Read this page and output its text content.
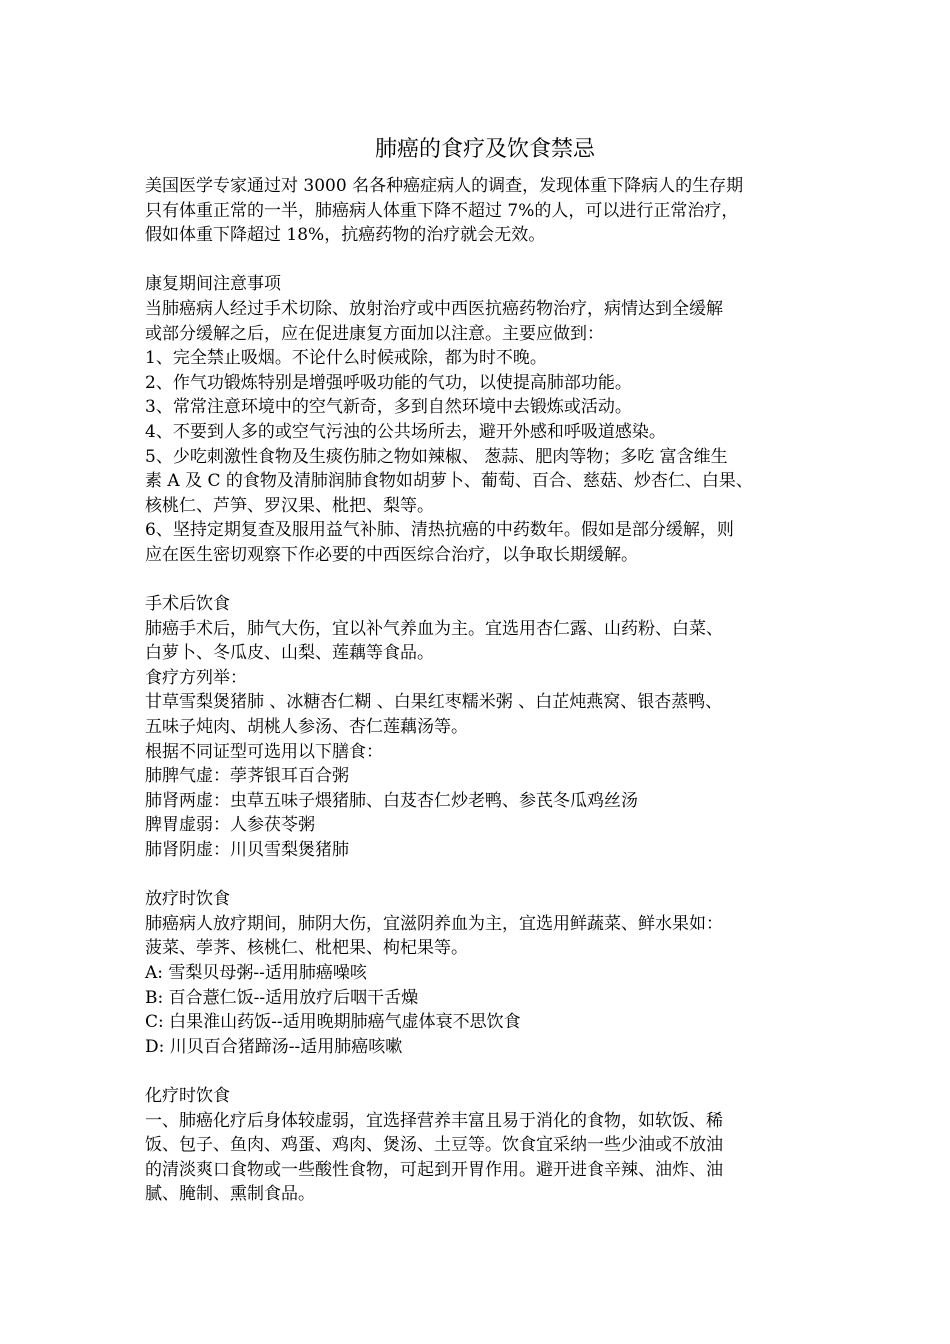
肺癌的食疗及饮食禁忌
美国医学专家通过对 3000 名各种癌症病人的调查，发现体重下降病人的生存期
只有体重正常的一半，肺癌病人体重下降不超过 7%的人，可以进行正常治疗，
假如体重下降超过 18%，抗癌药物的治疗就会无效。
康复期间注意事项
当肺癌病人经过手术切除、放射治疗或中西医抗癌药物治疗，病情达到全缓解
或部分缓解之后，应在促进康复方面加以注意。主要应做到：
1、完全禁止吸烟。不论什么时候戒除，都为时不晚。
2、作气功锻炼特别是增强呼吸功能的气功，以使提高肺部功能。
3、常常注意环境中的空气新奇，多到自然环境中去锻炼或活动。
4、不要到人多的或空气污浊的公共场所去，避开外感和呼吸道感染。
5、少吃刺激性食物及生痰伤肺之物如辣椒、 葱蒜、肥肉等物；多吃 富含维生
素 A 及 C 的食物及清肺润肺食物如胡萝卜、葡萄、百合、慈菇、炒杏仁、白果、
核桃仁、芦笋、罗汉果、枇把、梨等。
6、坚持定期复查及服用益气补肺、清热抗癌的中药数年。假如是部分缓解，则
应在医生密切观察下作必要的中西医综合治疗，以争取长期缓解。
手术后饮食
肺癌手术后，肺气大伤，宜以补气养血为主。宜选用杏仁露、山药粉、白菜、
白萝卜、冬瓜皮、山梨、莲藕等食品。
食疗方列举：
甘草雪梨煲猪肺 、冰糖杏仁糊 、白果红枣糯米粥 、白芷炖燕窝、银杏蒸鸭、
五味子炖肉、胡桃人参汤、杏仁莲藕汤等。
根据不同证型可选用以下膳食：
肺脾气虚：荸荠银耳百合粥
肺肾两虚：虫草五味子煨猪肺、白芨杏仁炒老鸭、参芪冬瓜鸡丝汤
脾胃虚弱：人参茯苓粥
肺肾阴虚：川贝雪梨煲猪肺
放疗时饮食
肺癌病人放疗期间，肺阴大伤，宜滋阴养血为主，宜选用鲜蔬菜、鲜水果如：
菠菜、荸荠、核桃仁、枇杷果、枸杞果等。
A: 雪梨贝母粥--适用肺癌噪咳
B: 百合薏仁饭--适用放疗后咽干舌燥
C: 白果淮山药饭--适用晚期肺癌气虚体衰不思饮食
D: 川贝百合猪蹄汤--适用肺癌咳嗽
化疗时饮食
一、肺癌化疗后身体较虚弱，宜选择营养丰富且易于消化的食物，如软饭、稀
饭、包子、鱼肉、鸡蛋、鸡肉、煲汤、土豆等。饮食宜采纳一些少油或不放油
的清淡爽口食物或一些酸性食物，可起到开胃作用。避开进食辛辣、油炸、油
腻、腌制、熏制食品。
